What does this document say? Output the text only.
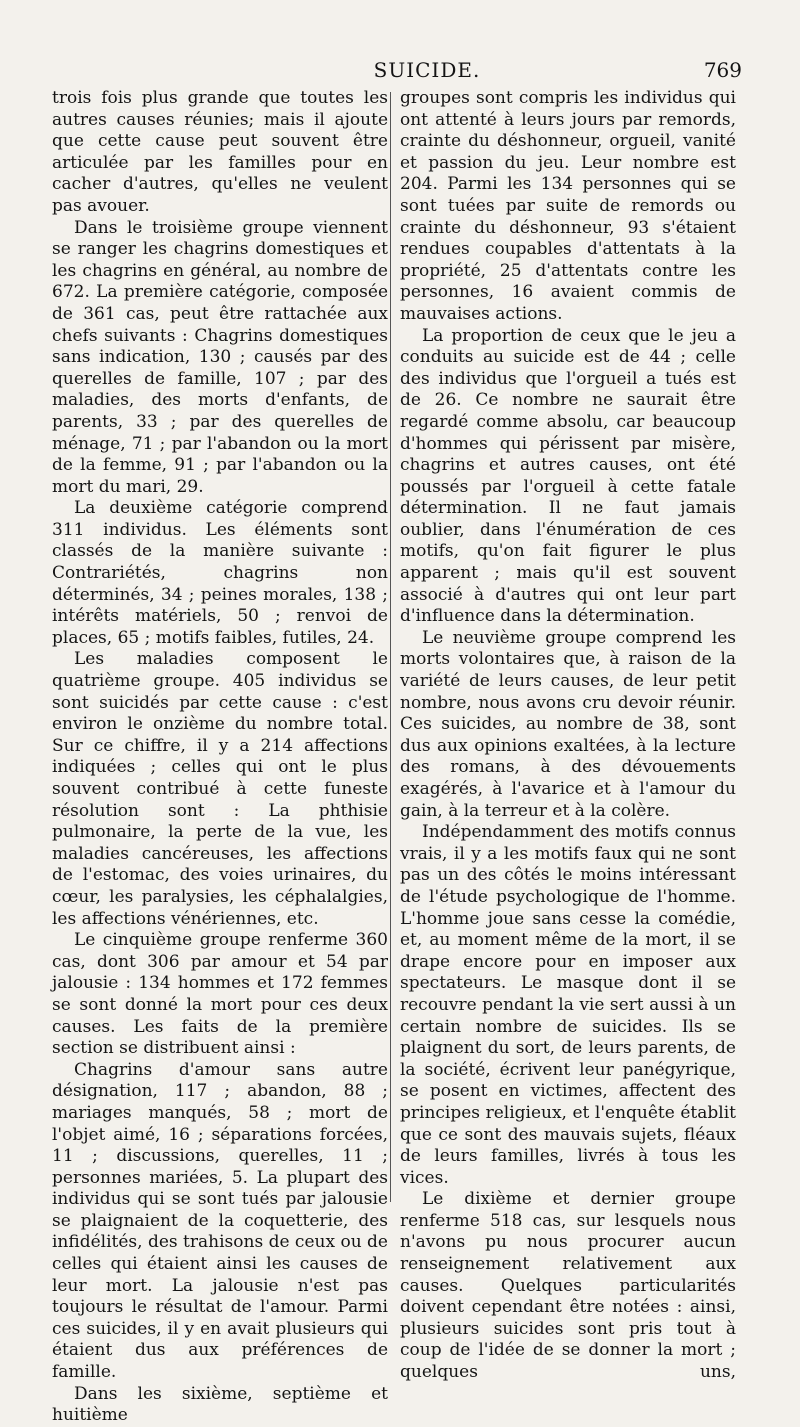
SUICIDE.	769

trois fois plus grande que toutes les autres causes réunies; mais il ajoute que cette cause peut souvent être articulée par les familles pour en cacher d'autres, qu'elles ne veulent pas avouer.

Dans le troisième groupe viennent se ranger les chagrins domestiques et les chagrins en général, au nombre de 672. La première catégorie, composée de 361 cas, peut être rattachée aux chefs suivants : Chagrins domestiques sans indication, 130 ; causés par des querelles de famille, 107 ; par des maladies, des morts d'enfants, de parents, 33 ; par des querelles de ménage, 71 ; par l'abandon ou la mort de la femme, 91 ; par l'abandon ou la mort du mari, 29.

La deuxième catégorie comprend 311 individus. Les éléments sont classés de la manière suivante : Contrariétés, chagrins non déterminés, 34 ; peines morales, 138 ; intérêts matériels, 50 ; renvoi de places, 65 ; motifs faibles, futiles, 24.

Les maladies composent le quatrième groupe. 405 individus se sont suicidés par cette cause : c'est environ le onzième du nombre total. Sur ce chiffre, il y a 214 affections indiquées ; celles qui ont le plus souvent contribué à cette funeste résolution sont : La phthisie pulmonaire, la perte de la vue, les maladies cancéreuses, les affections de l'estomac, des voies urinaires, du cœur, les paralysies, les céphalalgies, les affections vénériennes, etc.

Le cinquième groupe renferme 360 cas, dont 306 par amour et 54 par jalousie : 134 hommes et 172 femmes se sont donné la mort pour ces deux causes. Les faits de la première section se distribuent ainsi :

Chagrins d'amour sans autre désignation, 117 ; abandon, 88 ; mariages manqués, 58 ; mort de l'objet aimé, 16 ; séparations forcées, 11 ; discussions, querelles, 11 ; personnes mariées, 5. La plupart des individus qui se sont tués par jalousie se plaignaient de la coquetterie, des infidélités, des trahisons de ceux ou de celles qui étaient ainsi les causes de leur mort. La jalousie n'est pas toujours le résultat de l'amour. Parmi ces suicides, il y en avait plusieurs qui étaient dus aux préférences de famille.

Dans les sixième, septième et huitième

groupes sont compris les individus qui ont attenté à leurs jours par remords, crainte du déshonneur, orgueil, vanité et passion du jeu. Leur nombre est 204. Parmi les 134 personnes qui se sont tuées par suite de remords ou crainte du déshonneur, 93 s'étaient rendues coupables d'attentats à la propriété, 25 d'attentats contre les personnes, 16 avaient commis de mauvaises actions.

La proportion de ceux que le jeu a conduits au suicide est de 44 ; celle des individus que l'orgueil a tués est de 26. Ce nombre ne saurait être regardé comme absolu, car beaucoup d'hommes qui périssent par misère, chagrins et autres causes, ont été poussés par l'orgueil à cette fatale détermination. Il ne faut jamais oublier, dans l'énumération de ces motifs, qu'on fait figurer le plus apparent ; mais qu'il est souvent associé à d'autres qui ont leur part d'influence dans la détermination.

Le neuvième groupe comprend les morts volontaires que, à raison de la variété de leurs causes, de leur petit nombre, nous avons cru devoir réunir. Ces suicides, au nombre de 38, sont dus aux opinions exaltées, à la lecture des romans, à des dévouements exagérés, à l'avarice et à l'amour du gain, à la terreur et à la colère.

Indépendamment des motifs connus vrais, il y a les motifs faux qui ne sont pas un des côtés le moins intéressant de l'étude psychologique de l'homme. L'homme joue sans cesse la comédie, et, au moment même de la mort, il se drape encore pour en imposer aux spectateurs. Le masque dont il se recouvre pendant la vie sert aussi à un certain nombre de suicides. Ils se plaignent du sort, de leurs parents, de la société, écrivent leur panégyrique, se posent en victimes, affectent des principes religieux, et l'enquête établit que ce sont des mauvais sujets, fléaux de leurs familles, livrés à tous les vices.

Le dixième et dernier groupe renferme 518 cas, sur lesquels nous n'avons pu nous procurer aucun renseignement relativement aux causes. Quelques particularités doivent cependant être notées : ainsi, plusieurs suicides sont pris tout à coup de l'idée de se donner la mort ; quelques uns,
